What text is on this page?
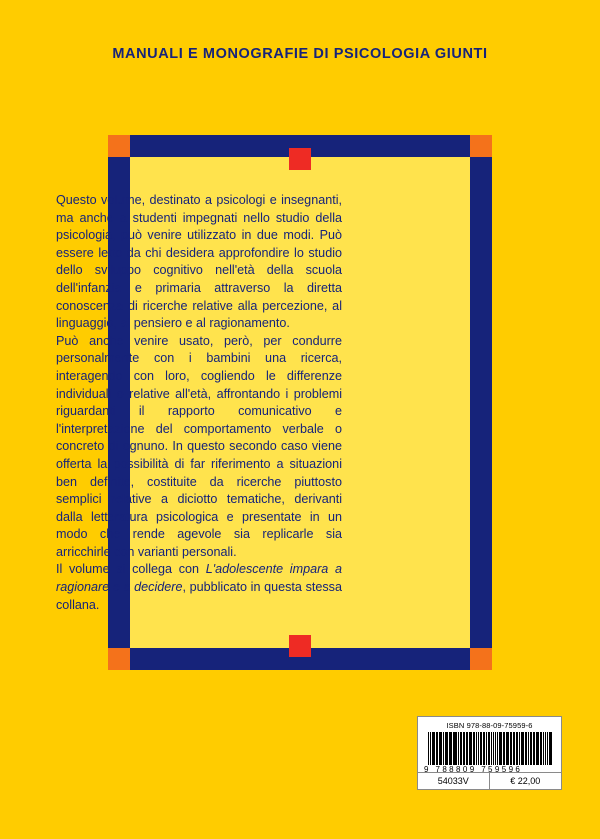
MANUALI E MONOGRAFIE DI PSICOLOGIA GIUNTI

Questo volume, destinato a psicologi e insegnanti, ma anche a studenti impegnati nello studio della psicologia, può venire utilizzato in due modi. Può essere letto da chi desidera approfondire lo studio dello sviluppo cognitivo nell'età della scuola dell'infanzia e primaria attraverso la diretta conoscenza di ricerche relative alla percezione, al linguaggio, al pensiero e al ragionamento.

Può anche venire usato, però, per condurre personalmente con i bambini una ricerca, interagendo con loro, cogliendo le differenze individuali o relative all'età, affrontando i problemi riguardanti il rapporto comunicativo e l'interpretazione del comportamento verbale o concreto di ognuno. In questo secondo caso viene offerta la possibilità di far riferimento a situazioni ben definite, costituite da ricerche piuttosto semplici relative a diciotto tematiche, derivanti dalla letteratura psicologica e presentate in un modo che rende agevole sia replicarle sia arricchirle con varianti personali.

Il volume si collega con L'adolescente impara a ragionare e a decidere, pubblicato in questa stessa collana.

ISBN 978-88-09-75959-6
9 788809 759596
54033V	€ 22,00
